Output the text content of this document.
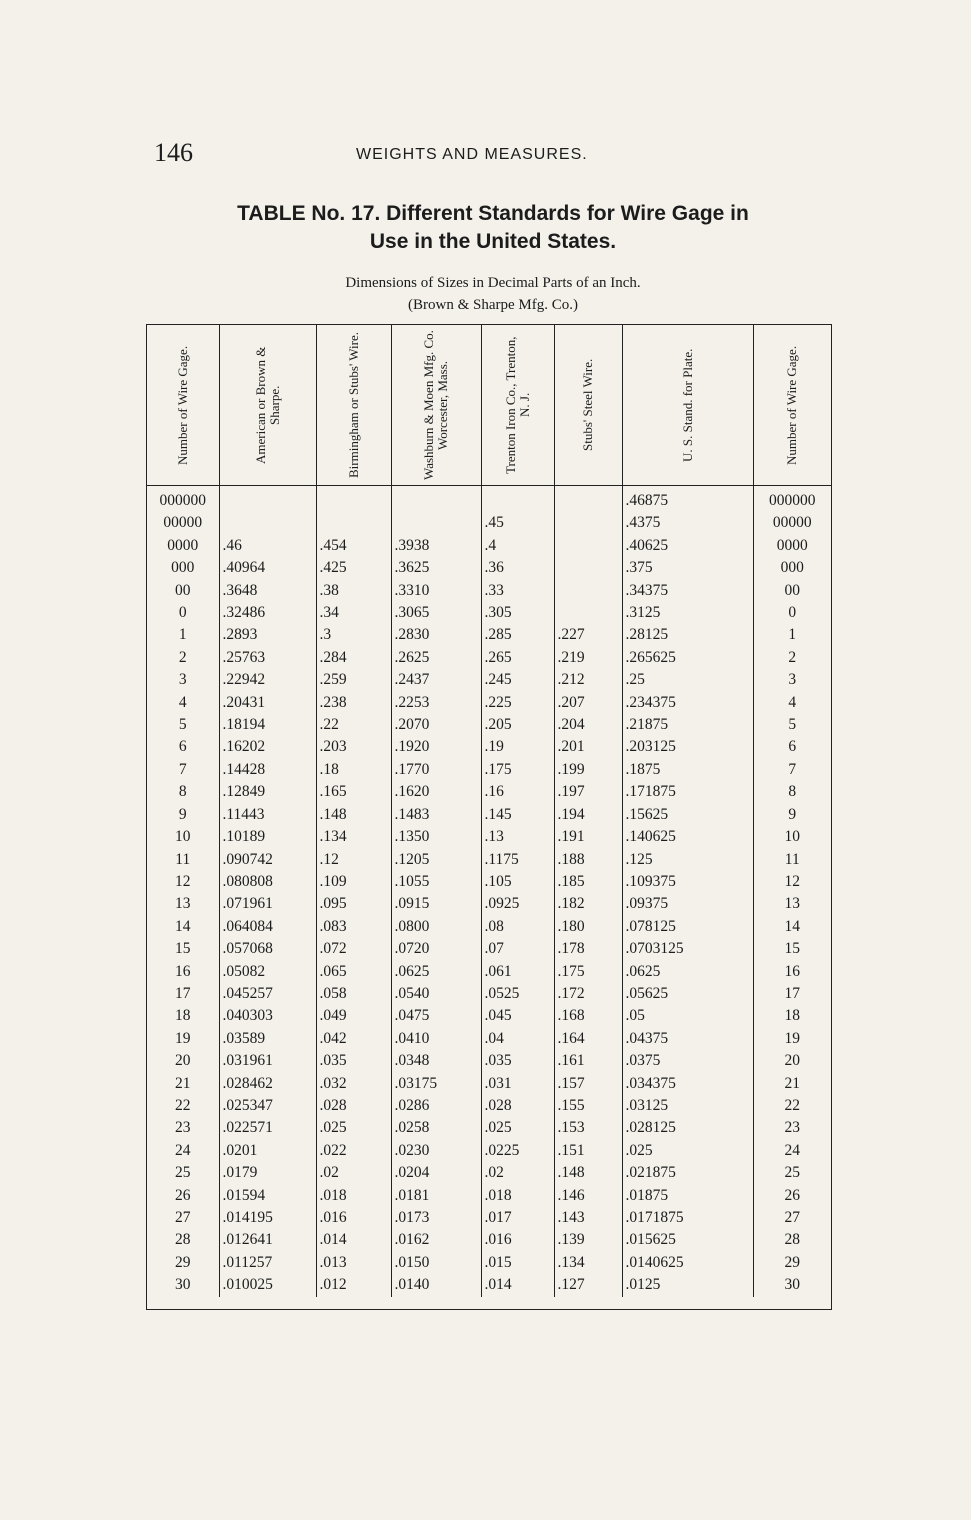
146	WEIGHTS AND MEASURES.
TABLE No. 17. Different Standards for Wire Gage in
Use in the United States.
Dimensions of Sizes in Decimal Parts of an Inch.
(Brown & Sharpe Mfg. Co.)
Number of Wire Gage.	American or Brown & Sharpe.	Birmingham or Stubs' Wire.	Washburn & Moen Mfg. Co. Worcester, Mass.	Trenton Iron Co., Trenton, N. J.	Stubs' Steel Wire.	U. S. Stand. for Plate.	Number of Wire Gage.

000000						.46875	000000
00000				.45		.4375	00000
0000	.46	.454	.3938	.4		.40625	0000
000	.40964	.425	.3625	.36		.375	000
00	.3648	.38	.3310	.33		.34375	00
0	.32486	.34	.3065	.305		.3125	0
1	.2893	.3	.2830	.285	.227	.28125	1
2	.25763	.284	.2625	.265	.219	.265625	2
3	.22942	.259	.2437	.245	.212	.25	3
4	.20431	.238	.2253	.225	.207	.234375	4
5	.18194	.22	.2070	.205	.204	.21875	5
6	.16202	.203	.1920	.19	.201	.203125	6
7	.14428	.18	.1770	.175	.199	.1875	7
8	.12849	.165	.1620	.16	.197	.171875	8
9	.11443	.148	.1483	.145	.194	.15625	9
10	.10189	.134	.1350	.13	.191	.140625	10
11	.090742	.12	.1205	.1175	.188	.125	11
12	.080808	.109	.1055	.105	.185	.109375	12
13	.071961	.095	.0915	.0925	.182	.09375	13
14	.064084	.083	.0800	.08	.180	.078125	14
15	.057068	.072	.0720	.07	.178	.0703125	15
16	.05082	.065	.0625	.061	.175	.0625	16
17	.045257	.058	.0540	.0525	.172	.05625	17
18	.040303	.049	.0475	.045	.168	.05	18
19	.03589	.042	.0410	.04	.164	.04375	19
20	.031961	.035	.0348	.035	.161	.0375	20
21	.028462	.032	.03175	.031	.157	.034375	21
22	.025347	.028	.0286	.028	.155	.03125	22
23	.022571	.025	.0258	.025	.153	.028125	23
24	.0201	.022	.0230	.0225	.151	.025	24
25	.0179	.02	.0204	.02	.148	.021875	25
26	.01594	.018	.0181	.018	.146	.01875	26
27	.014195	.016	.0173	.017	.143	.0171875	27
28	.012641	.014	.0162	.016	.139	.015625	28
29	.011257	.013	.0150	.015	.134	.0140625	29
30	.010025	.012	.0140	.014	.127	.0125	30
